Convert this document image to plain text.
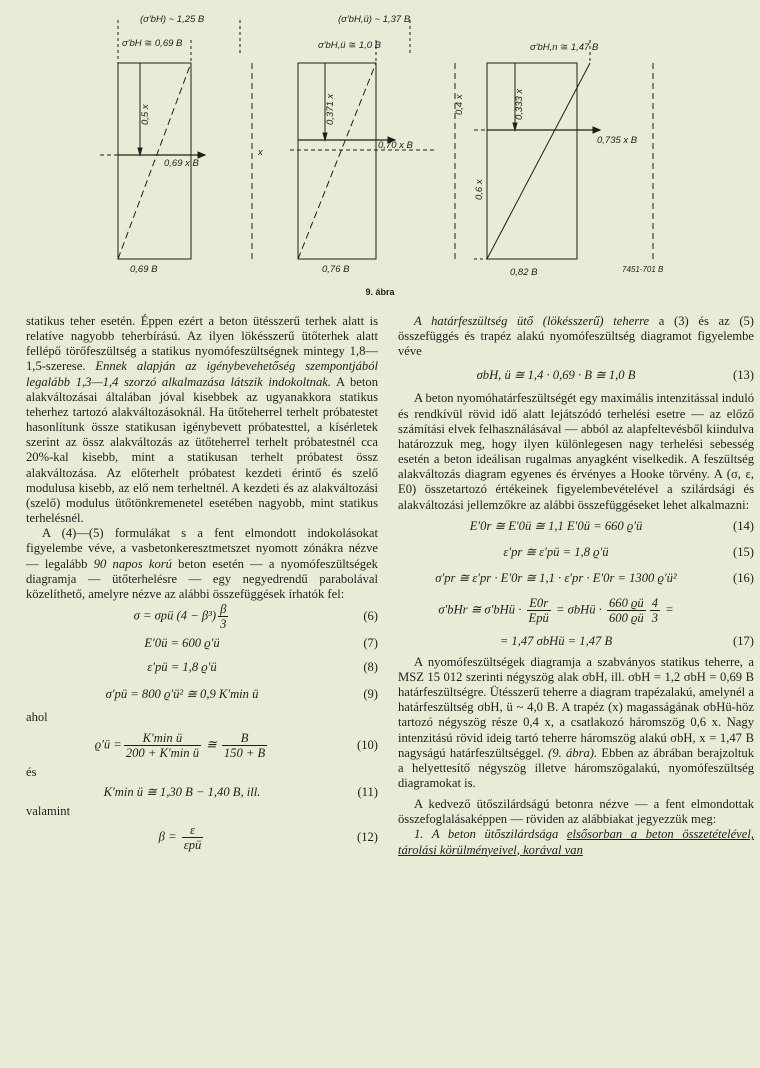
(σ′bH) ~ 1,25 B
σ′bH ≅ 0,69 B
0,5 x
0,69 x B
x
0,69 B
(σ′bH,ü) ~ 1,37 B
σ′bH,ü ≅ 1,0 B
0,371 x	0,4 x
0,70 x B
0,76 B
σ′bH,n ≅ 1,47 B
0,333 x
0,6 x
0,735 x B
0,82 B	7451-701 B
9. ábra

statikus teher esetén. Éppen ezért a beton ütésszerű terhek alatt is relatíve nagyobb teherbírású. Az ilyen lökésszerű ütőterhek alatt fellépő törőfeszültség a statikus nyomófeszültségnek mintegy 1,8—1,5-szerese. Ennek alapján az igénybevehetőség szempontjából legalább 1,3—1,4 szorzó alkalmazása látszik indokoltnak. A beton alakváltozásai általában jóval kisebbek az ugyanakkora statikus teherhez tartozó alakváltozásoknál. Ha ütőteherrel terhelt próbatestet hasonlítunk össze statikusan igénybevett próbatesttel, a kísérletek szerint az össz alakváltozás az ütőteherrel terhelt próbatestnél cca 20%-kal kisebb, mint a statikusan terhelt próbatest össz alakváltozása. Az előterhelt próbatest kezdeti érintő és szelő modulusa kisebb, az elő nem terheltnél. A kezdeti és az alakváltozási (szelő) modulus ütőtönkremenetel esetében nagyobb, mint statikus terhelésnél.

A (4)—(5) formulákat s a fent elmondott indokolásokat figyelembe véve, a vasbetonkeresztmetszet nyomott zónákra nézve — legalább 90 napos korú beton esetén — a nyomófeszültségek diagramja — ütőterhelésre — egy negyedrendű parabolával közelíthető, amelyre nézve az alábbi összefüggések írhatók fel:

σ = σpü $(4 - \beta^3) \frac{\beta}{3}$	(6)
E′0ü = 600 ϱ′ü	(7)
ε′pü = 1,8 ϱ′ü	(8)
σ′pü = 800 ϱ′ü² ≅ 0,9 K′min ü	(9)

ahol

ϱ′ü = $\frac{\text{K′min ü}}{\text{200 + K′min ü}}$ ≅ $\frac{B}{150 + B}$	(10)

és

K′min ü ≅ 1,30 B − 1,40 B, ill.	(11)

valamint

$\beta = \frac{\varepsilon}{\text{εpü}}$	(12)

A határfeszültség ütő (lökésszerű) teherre a (3) és az (5) összefüggés és trapéz alakú nyomófeszültség diagramot figyelembe véve

σbH, ü ≅ 1,4 · 0,69 · B ≅ 1,0 B	(13)

A beton nyomóhatárfeszültségét egy maximális intenzitással induló és rendkívül rövid idő alatt lejátszódó terhelési esetre — az előző számítási elvek felhasználásával — abból az alapfeltevésből kiindulva határozzuk meg, hogy ilyen különlegesen nagy terhelési sebesség esetén a beton ideálisan rugalmas anyagként viselkedik. A feszültség alakváltozás diagram egyenes és érvényes a Hooke törvény. A (σ, ε, E0) összetartozó értékeinek figyelembevételével a szilárdsági és alakváltozási jellemzőkre az alábbi összefüggéseket lehet alkalmazni:

E′0r ≅ E′0ü ≅ 1,1 E′0ü = 660 ϱ′ü	(14)
ε′pr ≅ ε′pü = 1,8 ϱ′ü	(15)
σ′pr ≅ ε′pr · E′0r ≅ 1,1 · ε′pr · E′0r = 1300 ϱ′ü²	(16)
σ′bHr ≅ σ′bHü · $\frac{E0r}{\text{Epü}}$ = σbHü · $\frac{660 ϱü}{600 ϱü} \frac{4}{3}$ =
= 1,47 σbHü = 1,47 B	(17)

A nyomófeszültségek diagramja a szabványos statikus teherre, a MSZ 15 012 szerinti négyszög alak σbH, ill. σbH = 1,2 σbH = 0,69 B határfeszültségre. Ütésszerű teherre a diagram trapézalakú, amelynél a határfeszültség σbH, ü ~ 4,0 B. A trapéz (x) magasságának σbHü-höz tartozó négyszög része 0,4 x, a csatlakozó háromszög 0,6 x. Nagy intenzitású rövid ideig tartó teherre háromszög alakú σbH, x = 1,47 B nagyságú határfeszültséggel. (9. ábra). Ebben az ábrában berajzoltuk a helyettesítő négyszög illetve háromszögalakú, nyomófeszültség diagramokat is.

A kedvező ütőszilárdságú betonra nézve — a fent elmondottak összefoglalásaképpen — röviden az alábbiakat jegyezzük meg:

1. A beton ütőszilárdsága elsősorban a beton összetételével, tárolási körülményeivel, korával van
